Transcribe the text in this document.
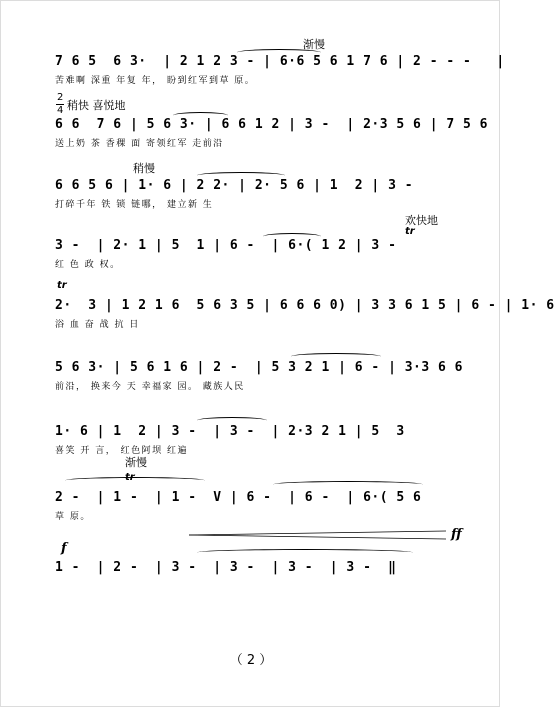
渐慢
2
4 稍快 喜悦地
稍慢
欢快地
tr
tr
tr
渐慢
f
ff
7 6 5  6 3·  | 2 1 2 3 - | 6·6 5 6 1 7 6 | 2 - - -   |
苦难啊 深重 年复 年， 盼到红军到草 原。
6 6  7 6 | 5 6 3· | 6 6 1 2 | 3 -  | 2·3 5 6 | 7 5 6
送上奶 茶 香稞 面 寄领红军 走前沿
6 6 5 6 | 1· 6 | 2 2· | 2· 5 6 | 1  2 | 3 -
打碎千年 铁 锁 链哪， 建立新 生
3 -  | 2· 1 | 5  1 | 6 -  | 6·( 1 2 | 3 -
红 色 政 权。
2·  3 | 1 2 1 6  5 6 3 5 | 6 6 6 0) | 3 3 6 1 5 | 6 - | 1· 6
浴 血 奋 战 抗 日
5 6 3· | 5 6 1 6 | 2 -  | 5 3 2 1 | 6 - | 3·3 6 6
前沿， 换来今 天 幸福家 园。 藏族人民
1· 6 | 1  2 | 3 -  | 3 -  | 2·3 2 1 | 5  3
喜笑 开 言， 红色阿坝 红遍
2 -  | 1 -  | 1 -  V | 6 -  | 6 -  | 6·( 5 6
草 原。
1 -  | 2 -  | 3 -  | 3 -  | 3 -  | 3 -  ‖
（ 2 ）
